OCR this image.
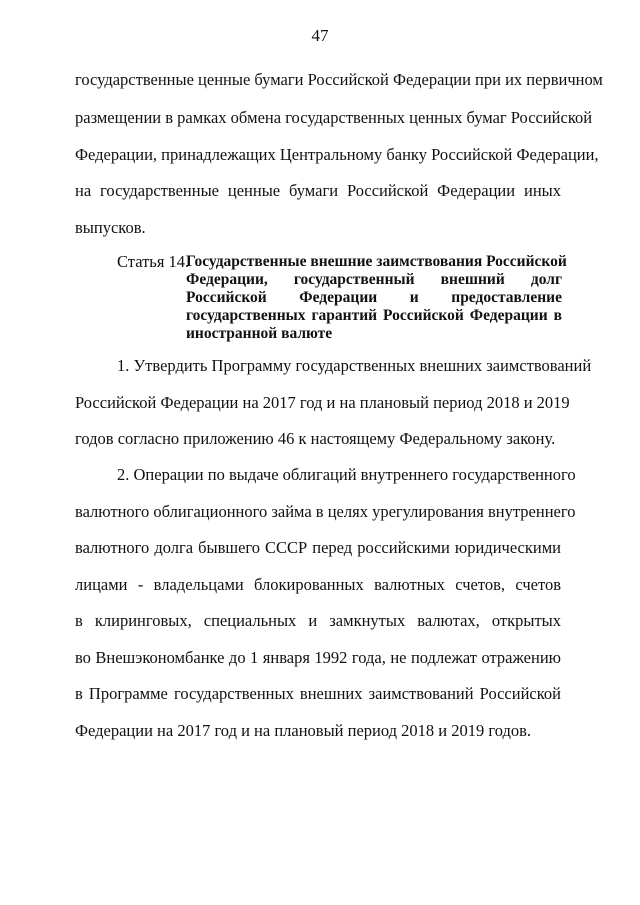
47
государственные ценные бумаги Российской Федерации при их первичном
размещении в рамках обмена государственных ценных бумаг Российской
Федерации, принадлежащих Центральному банку Российской Федерации,
на государственные ценные бумаги Российской Федерации иных
выпусков.
Статья 14.
Государственные внешние заимствования Российской
Федерации, государственный внешний долг
Российской Федерации и предоставление
государственных гарантий Российской Федерации в
иностранной валюте
1. Утвердить Программу государственных внешних заимствований
Российской Федерации на 2017 год и на плановый период 2018 и 2019
годов согласно приложению 46 к настоящему Федеральному закону.
2. Операции по выдаче облигаций внутреннего государственного
валютного облигационного займа в целях урегулирования внутреннего
валютного долга бывшего СССР перед российскими юридическими
лицами - владельцами блокированных валютных счетов, счетов
в клиринговых, специальных и замкнутых валютах, открытых
во Внешэкономбанке до 1 января 1992 года, не подлежат отражению
в Программе государственных внешних заимствований Российской
Федерации на 2017 год и на плановый период 2018 и 2019 годов.
